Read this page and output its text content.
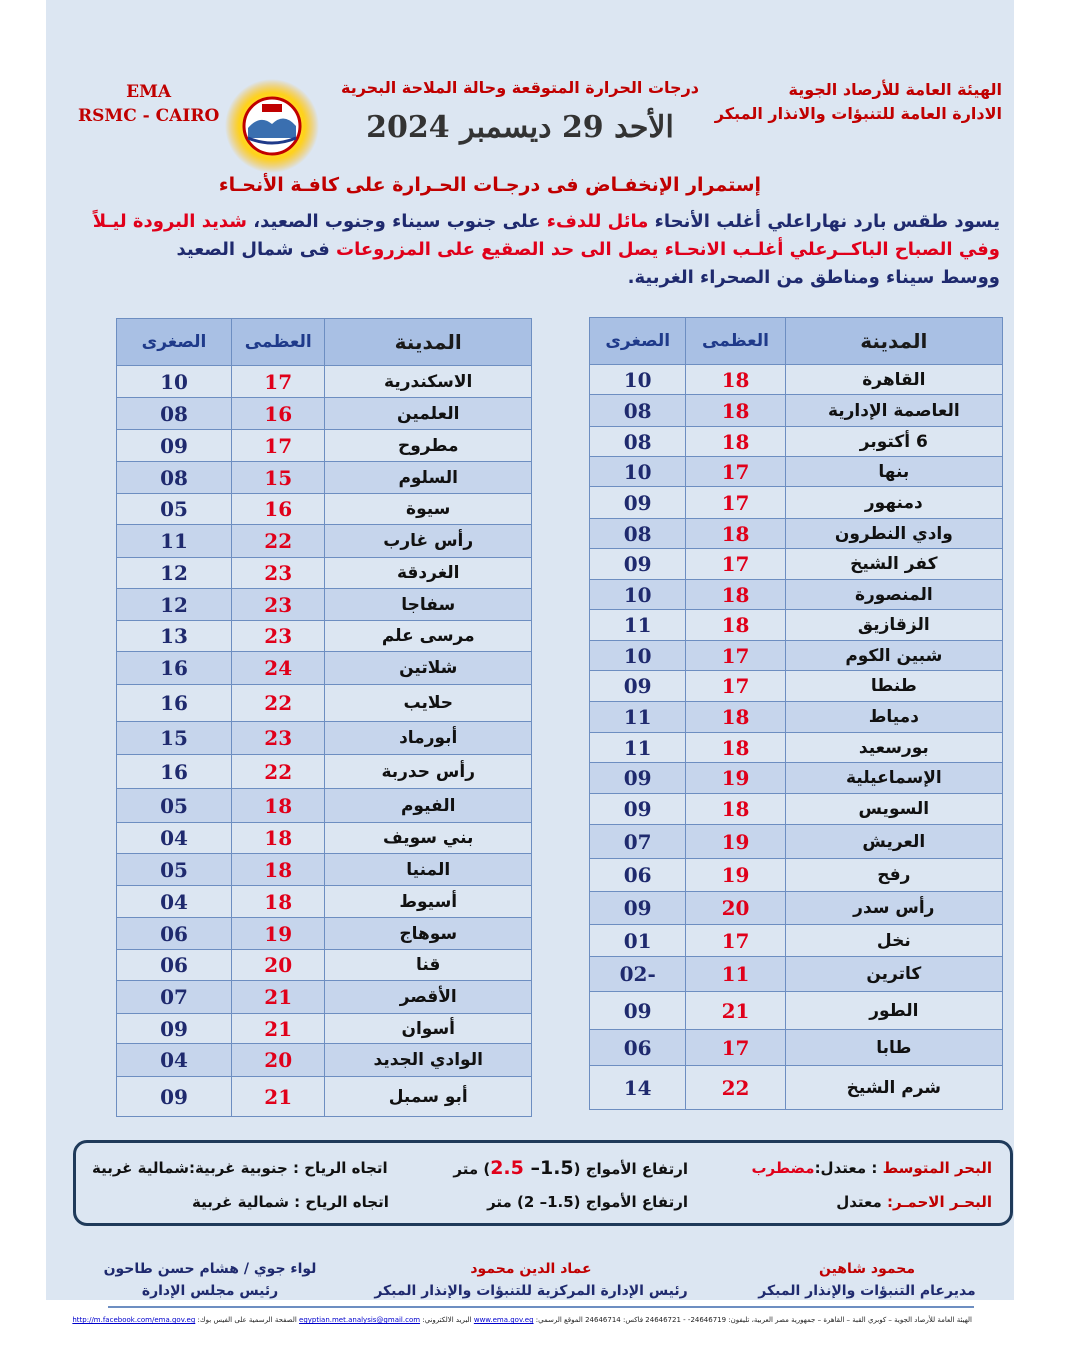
الهيئة العامة للأرصاد الجوية
الادارة العامة للتنبؤات والانذار المبكر
EMA
RSMC - CAIRO
درجات الحرارة المتوقعة وحالة الملاحة البحرية
الأحد 29 ديسمبر 2024
إستمرار الإنخفـاض فى درجـات الحـرارة على كافـة الأنحـاء
يسود طقس بارد نهاراعلي أغلب الأنحاء مائل للدفء على جنوب سيناء وجنوب الصعيد، شديد البرودة ليـلاً
وفي الصباح الباكــرعلي أغلـب الانحـاء يصل الى حد الصقيع على المزروعات فى شمال الصعيد
ووسط سيناء ومناطق من الصحراء الغربية.
المدينة	العظمى	الصغرى
القاهرة	18	10
العاصمة الإدارية	18	08
6 أكتوبر	18	08
بنها	17	10
دمنهور	17	09
وادي النطرون	18	08
كفر الشيخ	17	09
المنصورة	18	10
الزقازيق	18	11
شبين الكوم	17	10
طنطا	17	09
دمياط	18	11
بورسعيد	18	11
الإسماعيلية	19	09
السويس	18	09
العريش	19	07
رفح	19	06
رأس سدر	20	09
نخل	17	01
كاترين	11	-02
الطور	21	09
طابا	17	06
شرم الشيخ	22	14
المدينة	العظمى	الصغرى
الاسكندرية	17	10
العلمين	16	08
مطروح	17	09
السلوم	15	08
سيوة	16	05
رأس غارب	22	11
الغردقة	23	12
سفاجا	23	12
مرسى علم	23	13
شلاتين	24	16
حلايب	22	16
أبورماد	23	15
رأس حدربة	22	16
الفيوم	18	05
بني سويف	18	04
المنيا	18	05
أسيوط	18	04
سوهاج	19	06
قنا	20	06
الأقصر	21	07
أسوان	21	09
الوادي الجديد	20	04
أبو سمبل	21	09
البحر المتوسط : معتدل:مضطرب
ارتفاع الأمواج (1.5– 2.5) متر
اتجاه الرياح : جنوبية غربية:شمالية غربية
البحـر الاحمـر: معتدل
ارتفاع الأمواج (1.5– 2) متر
اتجاه الرياح : شمالية غربية
محمود شاهين
مديرعام التنبؤات والإنذار المبكر
عماد الدين محمود
رئيس الإدارة المركزية للتنبؤات والإنذار المبكر
لواء جوي / هشام حسن طاحون
رئيس مجلس الإدارة
الهيئة العامة للأرصاد الجوية – كوبري القبة – القاهرة – جمهورية مصر العربية، تليفون: 24646719- - 24646721 فاكس: 24646714 الموقع الرسمي: www.ema.gov.eg البريد الالكتروني: egyptian.met.analysis@gmail.com الصفحة الرسمية على الفيس بوك: http://m.facebook.com/ema.gov.eg
